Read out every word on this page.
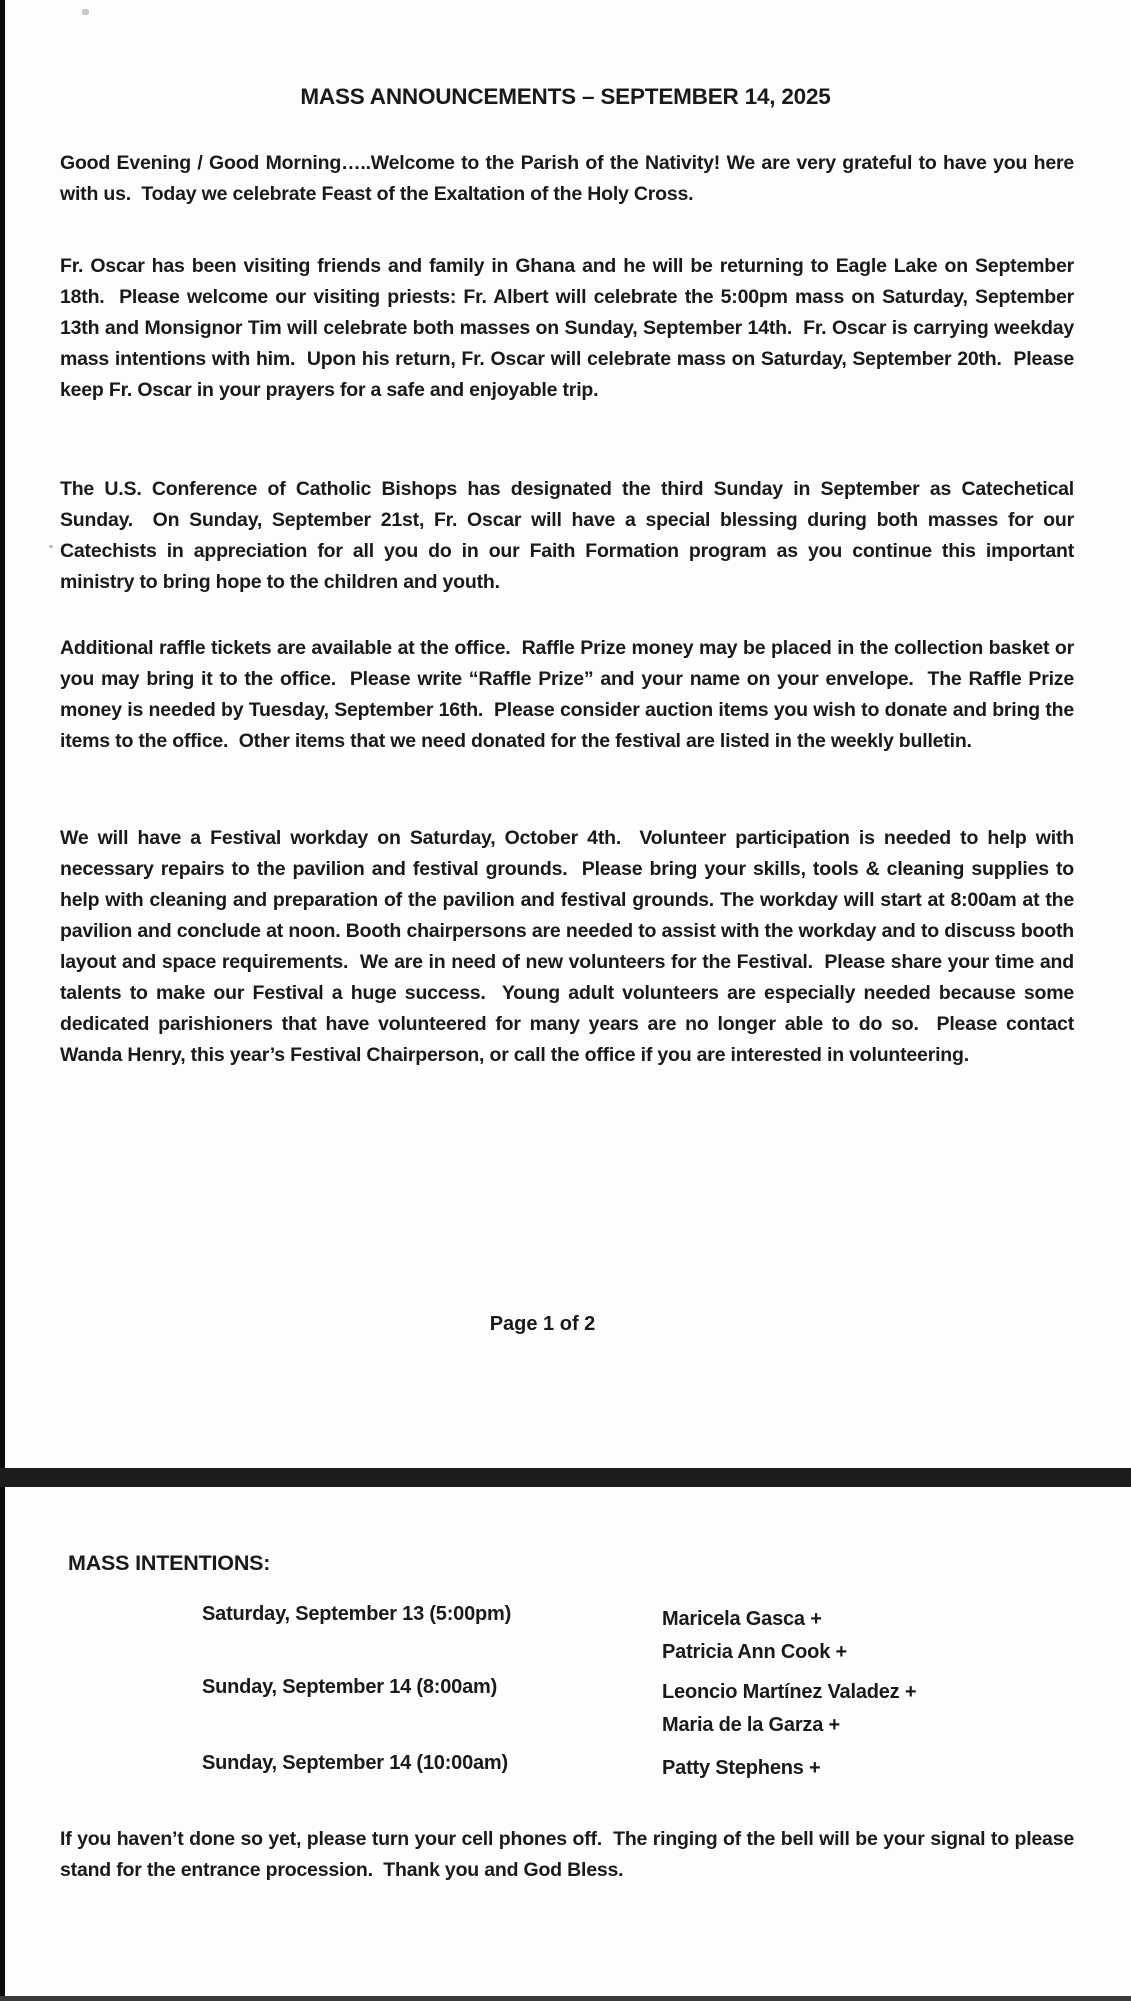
MASS ANNOUNCEMENTS – SEPTEMBER 14, 2025

Good Evening / Good Morning…..Welcome to the Parish of the Nativity! We are very grateful to have you here with us.  Today we celebrate Feast of the Exaltation of the Holy Cross.

Fr. Oscar has been visiting friends and family in Ghana and he will be returning to Eagle Lake on September 18th.  Please welcome our visiting priests: Fr. Albert will celebrate the 5:00pm mass on Saturday, September 13th and Monsignor Tim will celebrate both masses on Sunday, September 14th.  Fr. Oscar is carrying weekday mass intentions with him.  Upon his return, Fr. Oscar will celebrate mass on Saturday, September 20th.  Please keep Fr. Oscar in your prayers for a safe and enjoyable trip.

The U.S. Conference of Catholic Bishops has designated the third Sunday in September as Catechetical Sunday.  On Sunday, September 21st, Fr. Oscar will have a special blessing during both masses for our Catechists in appreciation for all you do in our Faith Formation program as you continue this important ministry to bring hope to the children and youth.

Additional raffle tickets are available at the office.  Raffle Prize money may be placed in the collection basket or you may bring it to the office.  Please write “Raffle Prize” and your name on your envelope.  The Raffle Prize money is needed by Tuesday, September 16th.  Please consider auction items you wish to donate and bring the items to the office.  Other items that we need donated for the festival are listed in the weekly bulletin.

We will have a Festival workday on Saturday, October 4th.  Volunteer participation is needed to help with necessary repairs to the pavilion and festival grounds.  Please bring your skills, tools & cleaning supplies to help with cleaning and preparation of the pavilion and festival grounds. The workday will start at 8:00am at the pavilion and conclude at noon. Booth chairpersons are needed to assist with the workday and to discuss booth layout and space requirements.  We are in need of new volunteers for the Festival.  Please share your time and talents to make our Festival a huge success.  Young adult volunteers are especially needed because some dedicated parishioners that have volunteered for many years are no longer able to do so.  Please contact Wanda Henry, this year’s Festival Chairperson, or call the office if you are interested in volunteering.

Page 1 of 2
MASS INTENTIONS:
Saturday, September 13 (5:00pm)	Maricela Gasca +
Patricia Ann Cook +
Sunday, September 14 (8:00am)	Leoncio Martínez Valadez +
Maria de la Garza +
Sunday, September 14 (10:00am)	Patty Stephens +

If you haven’t done so yet, please turn your cell phones off.  The ringing of the bell will be your signal to please stand for the entrance procession.  Thank you and God Bless.
